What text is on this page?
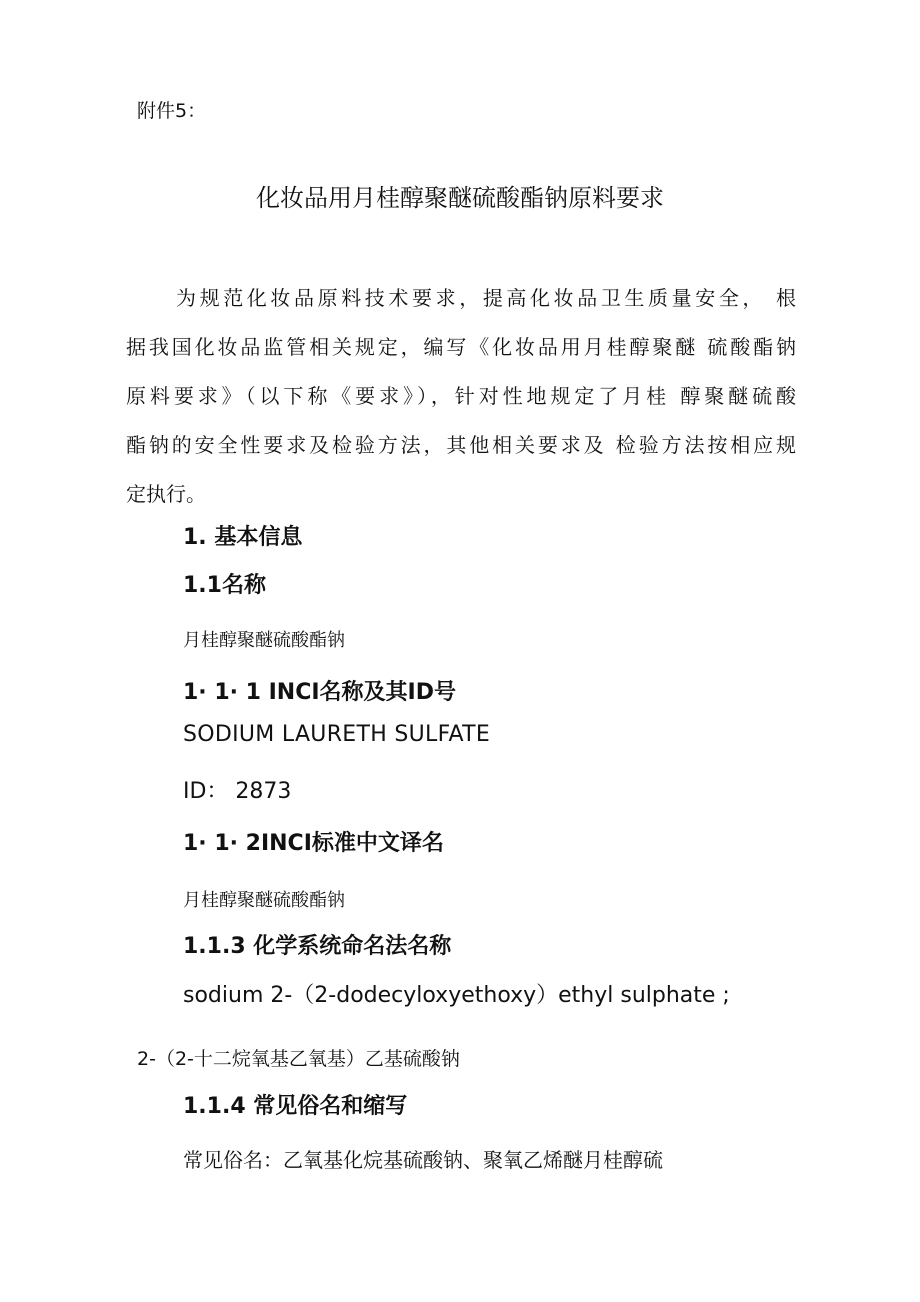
附件5：
化妆品用月桂醇聚醚硫酸酯钠原料要求
为规范化妆品原料技术要求，提高化妆品卫生质量安全， 根
据我国化妆品监管相关规定，编写《化妆品用月桂醇聚醚 硫酸酯钠
原料要求》（以下称《要求》），针对性地规定了月桂 醇聚醚硫酸
酯钠的安全性要求及检验方法，其他相关要求及 检验方法按相应规
定执行。
1. 基本信息
1.1名称
月桂醇聚醚硫酸酯钠
1· 1· 1 INCI名称及其ID号
SODIUM LAURETH SULFATE
ID： 2873
1· 1· 2INCI标准中文译名
月桂醇聚醚硫酸酯钠
1.1.3 化学系统命名法名称
sodium 2-（2-dodecyloxyethoxy）ethyl sulphate ;
2-（2-十二烷氧基乙氧基）乙基硫酸钠
1.1.4 常见俗名和缩写
常见俗名：乙氧基化烷基硫酸钠、聚氧乙烯醚月桂醇硫
